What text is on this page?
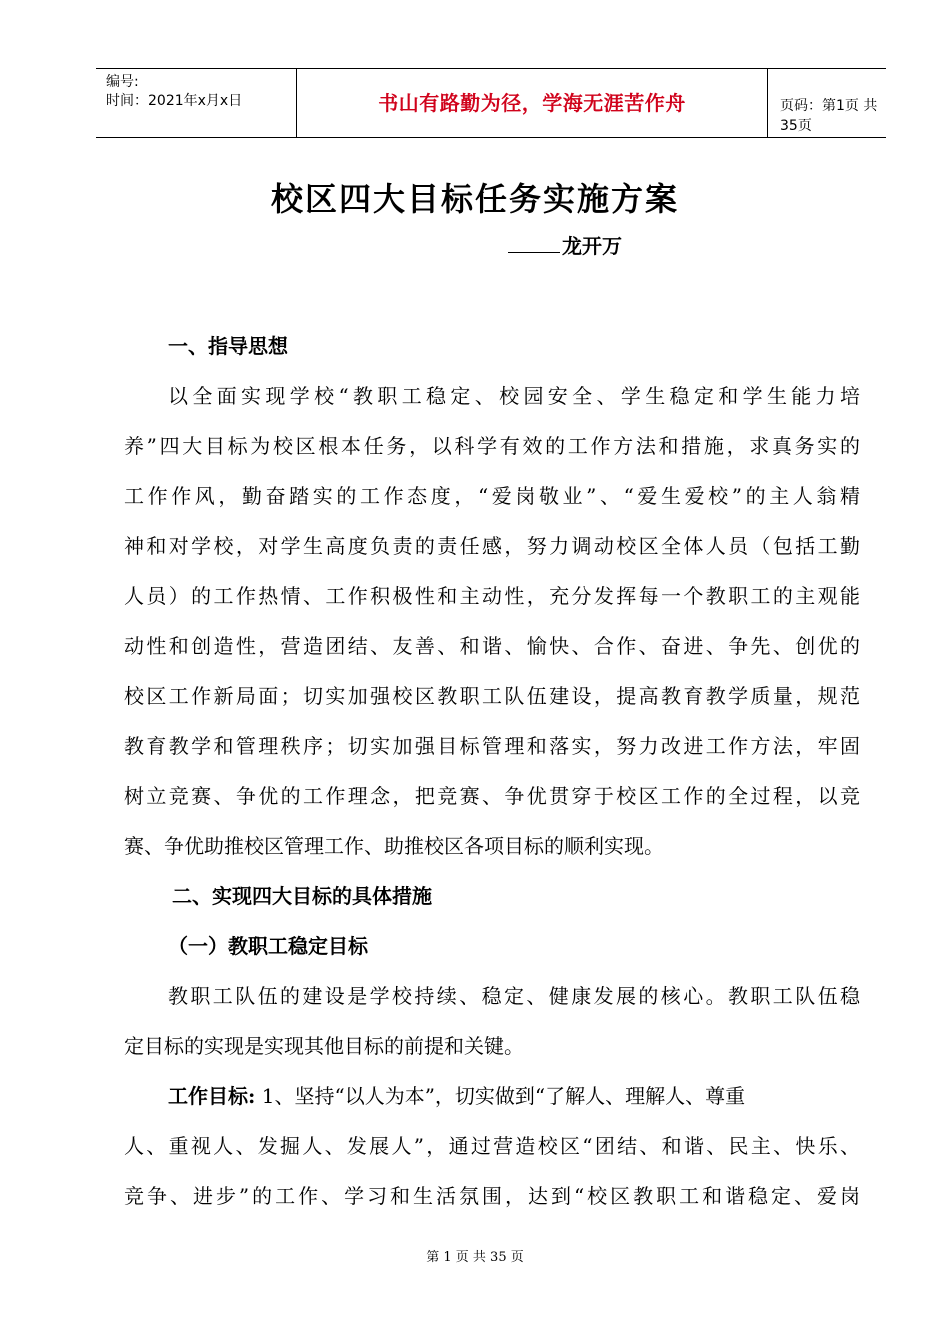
编号:
时间：2021年x月x日	书山有路勤为径，学海无涯苦作舟	页码：第1页 共35页
校区四大目标任务实施方案
龙开万
一、指导思想
以全面实现学校“教职工稳定、校园安全、学生稳定和学生能力培
养”四大目标为校区根本任务，以科学有效的工作方法和措施，求真务实的
工作作风，勤奋踏实的工作态度，“爱岗敬业”、“爱生爱校”的主人翁精
神和对学校，对学生高度负责的责任感，努力调动校区全体人员（包括工勤
人员）的工作热情、工作积极性和主动性，充分发挥每一个教职工的主观能
动性和创造性，营造团结、友善、和谐、愉快、合作、奋进、争先、创优的
校区工作新局面；切实加强校区教职工队伍建设，提高教育教学质量，规范
教育教学和管理秩序；切实加强目标管理和落实，努力改进工作方法，牢固
树立竞赛、争优的工作理念，把竞赛、争优贯穿于校区工作的全过程，以竞
赛、争优助推校区管理工作、助推校区各项目标的顺利实现。
二、实现四大目标的具体措施
（一）教职工稳定目标
教职工队伍的建设是学校持续、稳定、健康发展的核心。教职工队伍稳
定目标的实现是实现其他目标的前提和关键。
工作目标: 1、坚持“以人为本”，切实做到“了解人、理解人、尊重
人、重视人、发掘人、发展人”，通过营造校区“团结、和谐、民主、快乐、
竞争、进步”的工作、学习和生活氛围，达到“校区教职工和谐稳定、爱岗
第 1 页 共 35 页
